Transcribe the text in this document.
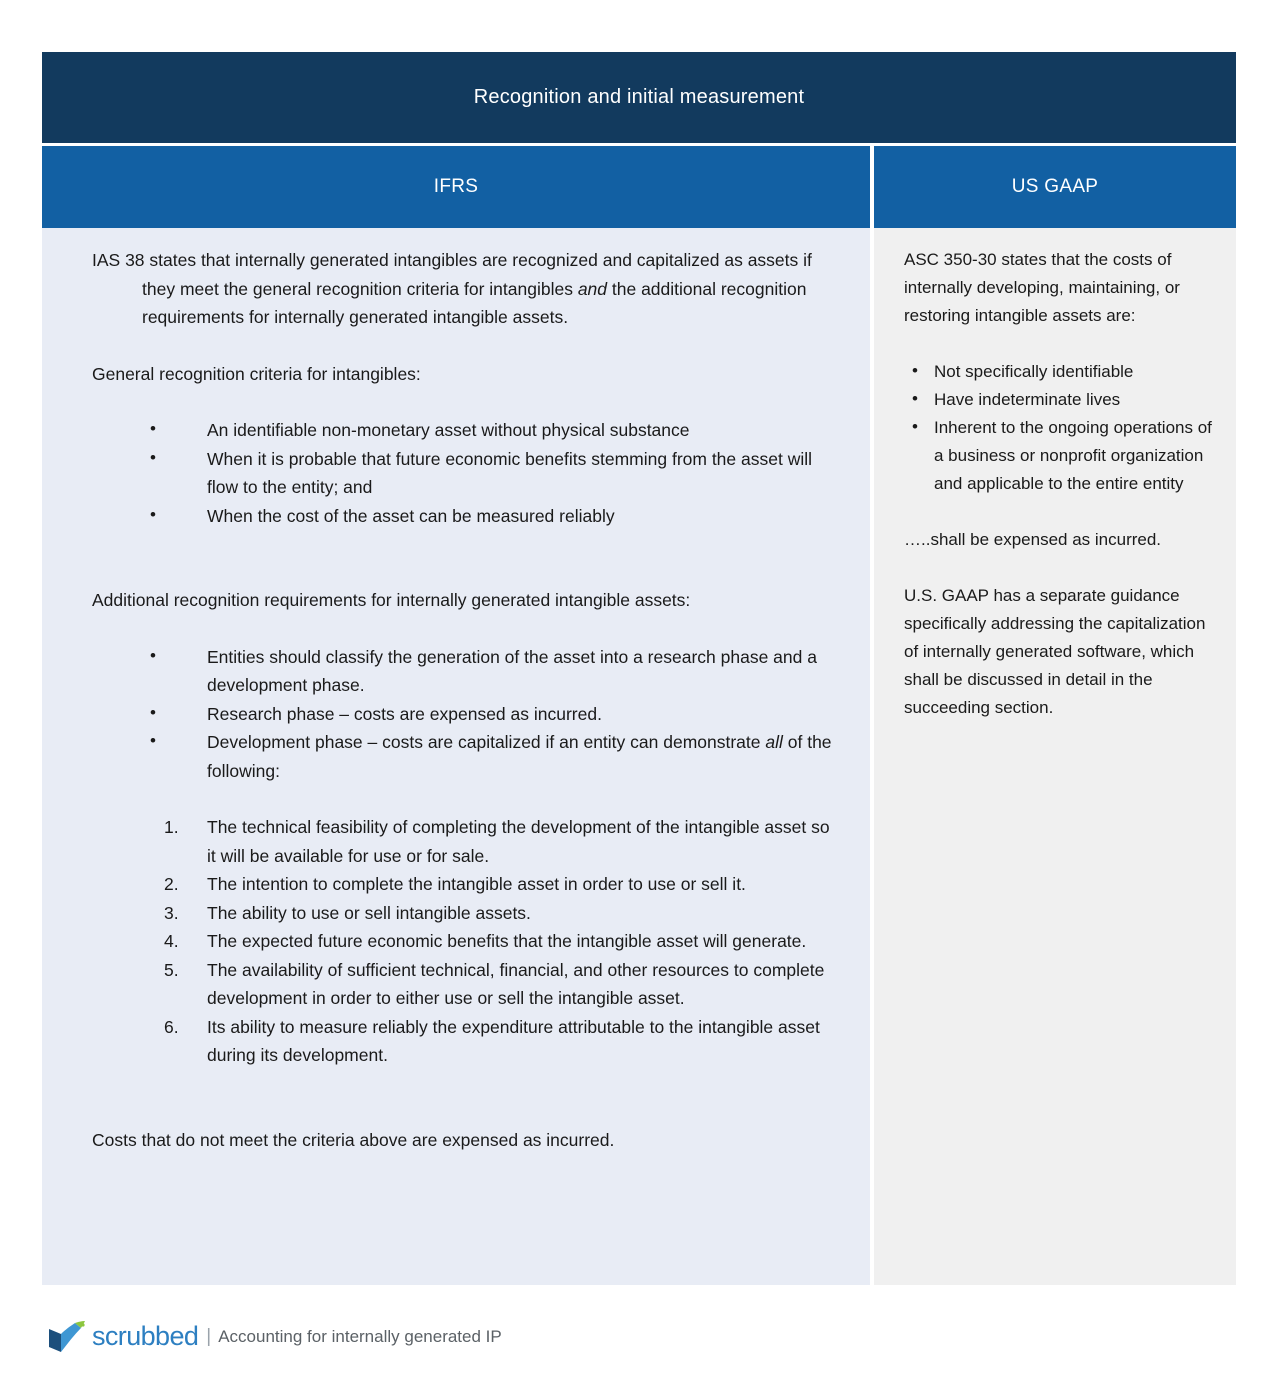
Recognition and initial measurement
IFRS	US GAAP

IAS 38 states that internally generated intangibles are recognized and capitalized as assets if they meet the general recognition criteria for intangibles and the additional recognition requirements for internally generated intangible assets.

General recognition criteria for intangibles:

• An identifiable non-monetary asset without physical substance
• When it is probable that future economic benefits stemming from the asset will flow to the entity; and
• When the cost of the asset can be measured reliably

Additional recognition requirements for internally generated intangible assets:

• Entities should classify the generation of the asset into a research phase and a development phase.
• Research phase – costs are expensed as incurred.
• Development phase – costs are capitalized if an entity can demonstrate all of the following:
The technical feasibility of completing the development of the intangible asset so it will be available for use or for sale.
The intention to complete the intangible asset in order to use or sell it.
The ability to use or sell intangible assets.
The expected future economic benefits that the intangible asset will generate.
The availability of sufficient technical, financial, and other resources to complete development in order to either use or sell the intangible asset.
Its ability to measure reliably the expenditure attributable to the intangible asset during its development.

Costs that do not meet the criteria above are expensed as incurred.

ASC 350-30 states that the costs of internally developing, maintaining, or restoring intangible assets are:

• Not specifically identifiable
• Have indeterminate lives
• Inherent to the ongoing operations of a business or nonprofit organization and applicable to the entire entity

…..shall be expensed as incurred.

U.S. GAAP has a separate guidance specifically addressing the capitalization of internally generated software, which shall be discussed in detail in the succeeding section.

scrubbed | Accounting for internally generated IP
